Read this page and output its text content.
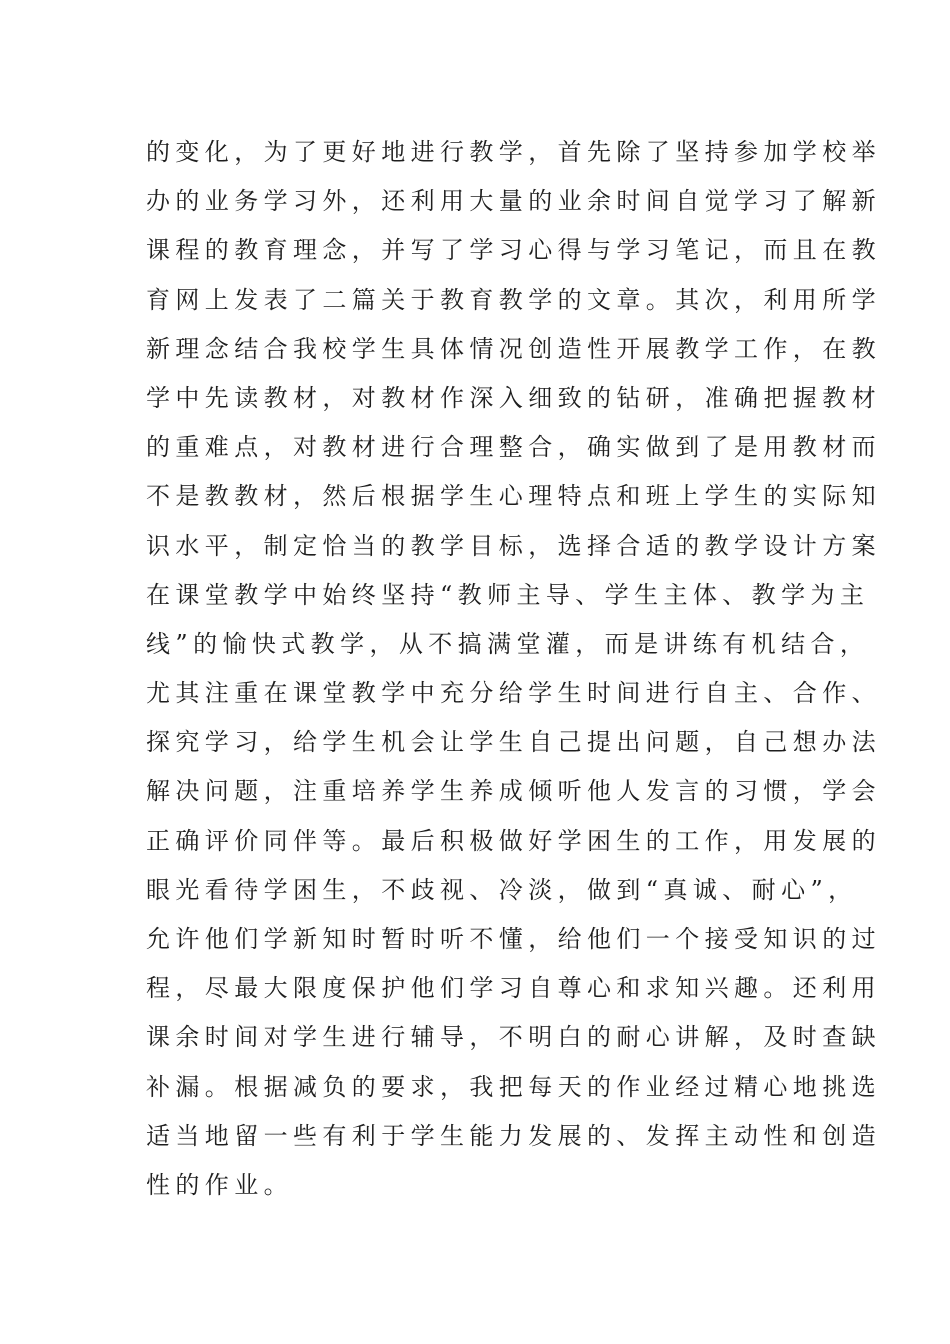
的变化，为了更好地进行教学，首先除了坚持参加学校举
办的业务学习外，还利用大量的业余时间自觉学习了解新
课程的教育理念，并写了学习心得与学习笔记，而且在教
育网上发表了二篇关于教育教学的文章。其次，利用所学
新理念结合我校学生具体情况创造性开展教学工作，在教
学中先读教材，对教材作深入细致的钻研，准确把握教材
的重难点，对教材进行合理整合，确实做到了是用教材而
不是教教材，然后根据学生心理特点和班上学生的实际知
识水平，制定恰当的教学目标，选择合适的教学设计方案
在课堂教学中始终坚持“教师主导、学生主体、教学为主
线”的愉快式教学，从不搞满堂灌，而是讲练有机结合，
尤其注重在课堂教学中充分给学生时间进行自主、合作、
探究学习，给学生机会让学生自己提出问题，自己想办法
解决问题，注重培养学生养成倾听他人发言的习惯，学会
正确评价同伴等。最后积极做好学困生的工作，用发展的
眼光看待学困生，不歧视、冷淡，做到“真诚、耐心”，
允许他们学新知时暂时听不懂，给他们一个接受知识的过
程，尽最大限度保护他们学习自尊心和求知兴趣。还利用
课余时间对学生进行辅导，不明白的耐心讲解，及时查缺
补漏。根据减负的要求，我把每天的作业经过精心地挑选
适当地留一些有利于学生能力发展的、发挥主动性和创造
性的作业。
